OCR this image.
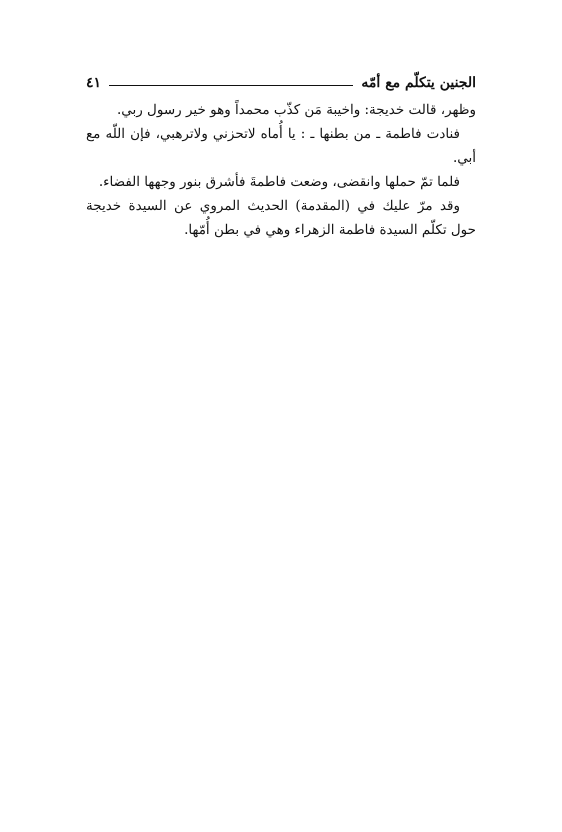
الجنين يتكلّم مع أمّه
٤١

وظهر، قالت خديجة: واخيبة مَن كذّب محمداً وهو خير رسول ربي.

فنادت فاطمة ـ من بطنها ـ : يا أُماه لاتحزني ولاترهبي، فإن اللّه مع أبي.

فلما تمّ حملها وانقضى، وضعت فاطمةَ فأشرق بنور وجهها الفضاء.

وقد مرّ عليك في (المقدمة) الحديث المروي عن السيدة خديجة حول تكلّم السيدة فاطمة الزهراء وهي في بطن أُمّها.
